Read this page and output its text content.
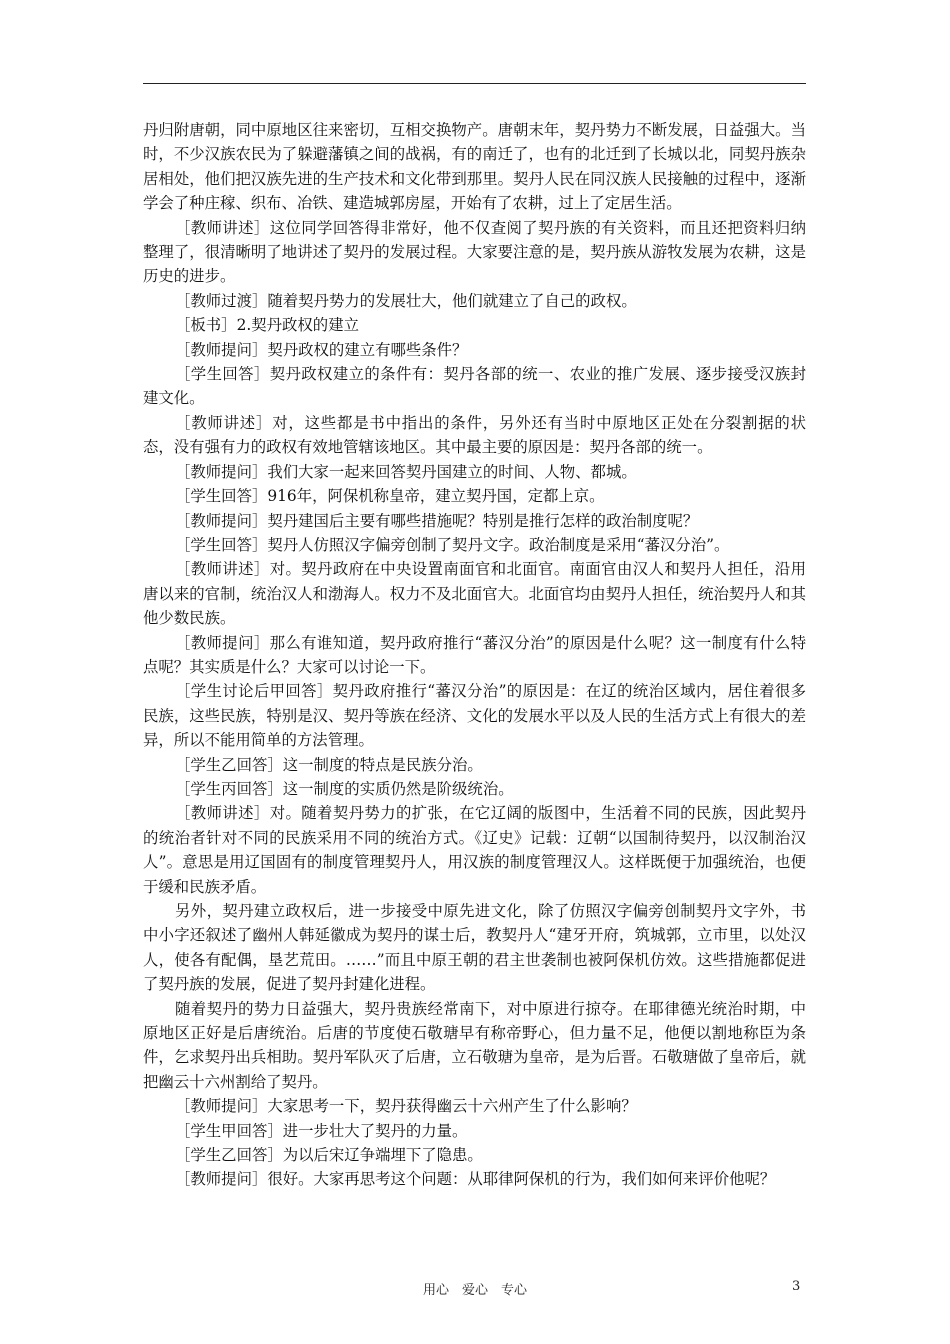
丹归附唐朝，同中原地区往来密切，互相交换物产。唐朝末年，契丹势力不断发展，日益强大。当时，不少汉族农民为了躲避藩镇之间的战祸，有的南迁了，也有的北迁到了长城以北，同契丹族杂居相处，他们把汉族先进的生产技术和文化带到那里。契丹人民在同汉族人民接触的过程中，逐渐学会了种庄稼、织布、冶铁、建造城郭房屋，开始有了农耕，过上了定居生活。

［教师讲述］这位同学回答得非常好，他不仅查阅了契丹族的有关资料，而且还把资料归纳整理了，很清晰明了地讲述了契丹的发展过程。大家要注意的是，契丹族从游牧发展为农耕，这是历史的进步。

［教师过渡］随着契丹势力的发展壮大，他们就建立了自己的政权。

［板书］2.契丹政权的建立

［教师提问］契丹政权的建立有哪些条件？

［学生回答］契丹政权建立的条件有：契丹各部的统一、农业的推广发展、逐步接受汉族封建文化。

［教师讲述］对，这些都是书中指出的条件，另外还有当时中原地区正处在分裂割据的状态，没有强有力的政权有效地管辖该地区。其中最主要的原因是：契丹各部的统一。

［教师提问］我们大家一起来回答契丹国建立的时间、人物、都城。

［学生回答］916年，阿保机称皇帝，建立契丹国，定都上京。

［教师提问］契丹建国后主要有哪些措施呢？特别是推行怎样的政治制度呢？

［学生回答］契丹人仿照汉字偏旁创制了契丹文字。政治制度是采用“蕃汉分治”。

［教师讲述］对。契丹政府在中央设置南面官和北面官。南面官由汉人和契丹人担任，沿用唐以来的官制，统治汉人和渤海人。权力不及北面官大。北面官均由契丹人担任，统治契丹人和其他少数民族。

［教师提问］那么有谁知道，契丹政府推行“蕃汉分治”的原因是什么呢？这一制度有什么特点呢？其实质是什么？大家可以讨论一下。

［学生讨论后甲回答］契丹政府推行“蕃汉分治”的原因是：在辽的统治区域内，居住着很多民族，这些民族，特别是汉、契丹等族在经济、文化的发展水平以及人民的生活方式上有很大的差异，所以不能用简单的方法管理。

［学生乙回答］这一制度的特点是民族分治。

［学生丙回答］这一制度的实质仍然是阶级统治。

［教师讲述］对。随着契丹势力的扩张，在它辽阔的版图中，生活着不同的民族，因此契丹的统治者针对不同的民族采用不同的统治方式。《辽史》记载：辽朝“以国制待契丹，以汉制治汉人”。意思是用辽国固有的制度管理契丹人，用汉族的制度管理汉人。这样既便于加强统治，也便于缓和民族矛盾。

另外，契丹建立政权后，进一步接受中原先进文化，除了仿照汉字偏旁创制契丹文字外，书中小字还叙述了幽州人韩延徽成为契丹的谋士后，教契丹人“建牙开府，筑城郭，立市里，以处汉人，使各有配偶，垦艺荒田。……”而且中原王朝的君主世袭制也被阿保机仿效。这些措施都促进了契丹族的发展，促进了契丹封建化进程。

随着契丹的势力日益强大，契丹贵族经常南下，对中原进行掠夺。在耶律德光统治时期，中原地区正好是后唐统治。后唐的节度使石敬瑭早有称帝野心，但力量不足，他便以割地称臣为条件，乞求契丹出兵相助。契丹军队灭了后唐，立石敬瑭为皇帝，是为后晋。石敬瑭做了皇帝后，就把幽云十六州割给了契丹。

［教师提问］大家思考一下，契丹获得幽云十六州产生了什么影响？

［学生甲回答］进一步壮大了契丹的力量。

［学生乙回答］为以后宋辽争端埋下了隐患。

［教师提问］很好。大家再思考这个问题：从耶律阿保机的行为，我们如何来评价他呢？

用心　爱心　专心	3
